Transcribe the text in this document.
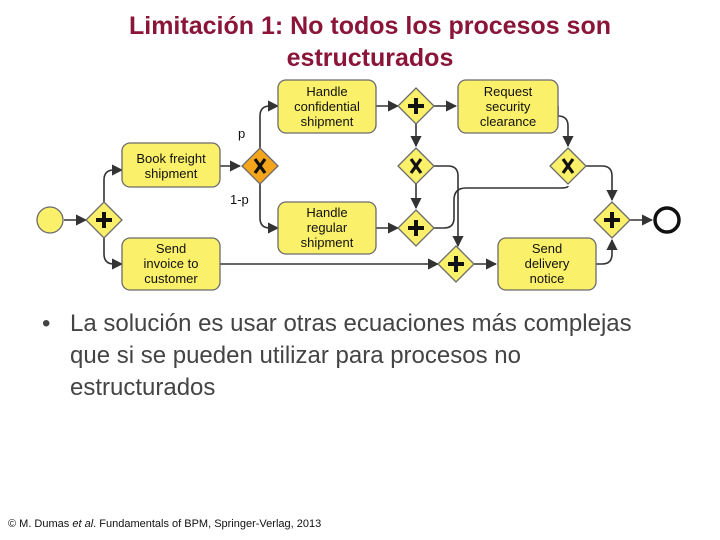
Limitación 1: No todos los procesos son
estructurados
Book freight
shipment
Handle
confidential
shipment
Handle
regular
shipment
Send
invoice to
customer
Request
security
clearance
Send
delivery
notice
p
1-p
• La solución es usar otras ecuaciones más complejas que si se pueden utilizar para procesos no estructurados
© M. Dumas et al. Fundamentals of BPM, Springer-Verlag, 2013
